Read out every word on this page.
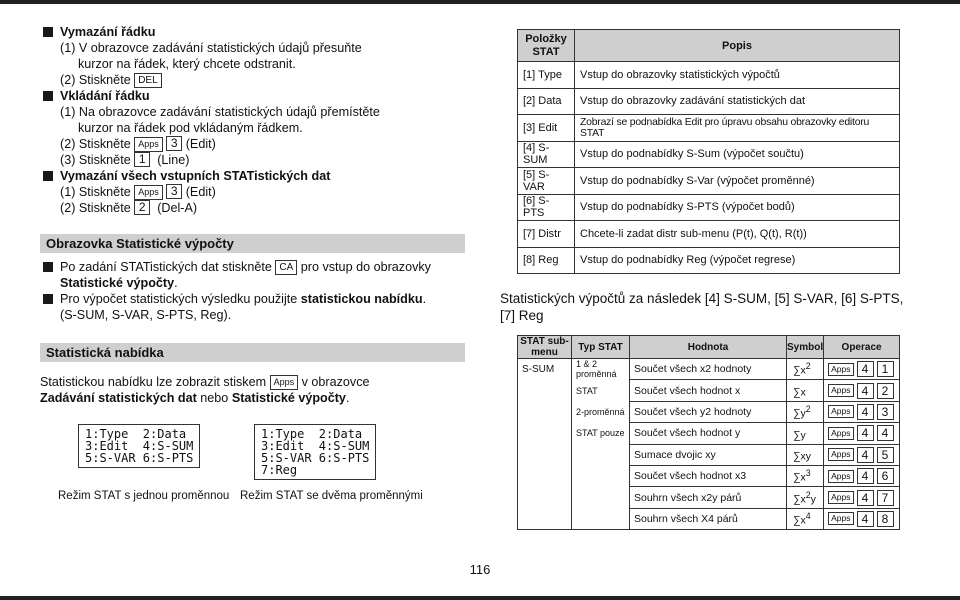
Vymazání řádku
(1) V obrazovce zadávání statistických údajů přesuňte
kurzor na řádek, který chcete odstranit.
(2) Stiskněte DEL
Vkládání řádku
(1) Na obrazovce zadávání statistických údajů přemístěte
kurzor na řádek pod vkládaným řádkem.
(2) Stiskněte Apps 3 (Edit)
(3) Stiskněte 1 (Line)
Vymazání všech vstupních STATistických dat
(1) Stiskněte Apps 3 (Edit)
(2) Stiskněte 2 (Del-A)
Obrazovka Statistické výpočty
Po zadání STATistických dat stiskněte CA pro vstup do obrazovky
Statistické výpočty.
Pro výpočet statistických výsledku použijte statistickou nabídku.
(S-SUM, S-VAR, S-PTS, Reg).
Statistická nabídka
Statistickou nabídku lze zobrazit stiskem Apps v obrazovce
Zadávání statistických dat nebo Statistické výpočty.
1:Type  2:Data
3:Edit  4:S-SUM
5:S-VAR 6:S-PTS
1:Type  2:Data
3:Edit  4:S-SUM
5:S-VAR 6:S-PTS
7:Reg
Režim STAT s jednou proměnnou Režim STAT se dvěma proměnnými
Položky STAT	Popis
[1] Type	Vstup do obrazovky statistických výpočtů
[2] Data	Vstup do obrazovky zadávání statistických dat
[3] Edit	Zobrazí se podnabídka Edit pro úpravu obsahu obrazovky editoru STAT
[4] S-SUM	Vstup do podnabídky S-Sum (výpočet součtu)
[5] S-VAR	Vstup do podnabídky S-Var (výpočet proměnné)
[6] S-PTS	Vstup do podnabídky S-PTS (výpočet bodů)
[7] Distr	Chcete-li zadat distr sub-menu (P(t), Q(t), R(t))
[8] Reg	Vstup do podnabídky Reg (výpočet regrese)
Statistických výpočtů za následek [4] S-SUM, [5] S-VAR, [6] S-PTS, [7] Reg
STAT sub-menu	Typ STAT	Hodnota	Symbol	Operace
S-SUM	1 & 2 proměnná	Součet všech x2 hodnoty	$\sum x^2$	Apps 4 1
	STAT	Součet všech hodnot x	∑x	Apps 4 2
	2-proměnná	Součet všech y2 hodnoty	$\sum y^2$	Apps 4 3
	STAT pouze	Součet všech hodnot y	∑y	Apps 4 4
		Sumace dvojic xy	∑xy	Apps 4 5
		Součet všech hodnot x3	$\sum x^3$	Apps 4 6
		Souhrn všech x2y párů	$\sum x^2y$	Apps 4 7
		Souhrn všech X4 párů	$\sum x^4$	Apps 4 8
116
